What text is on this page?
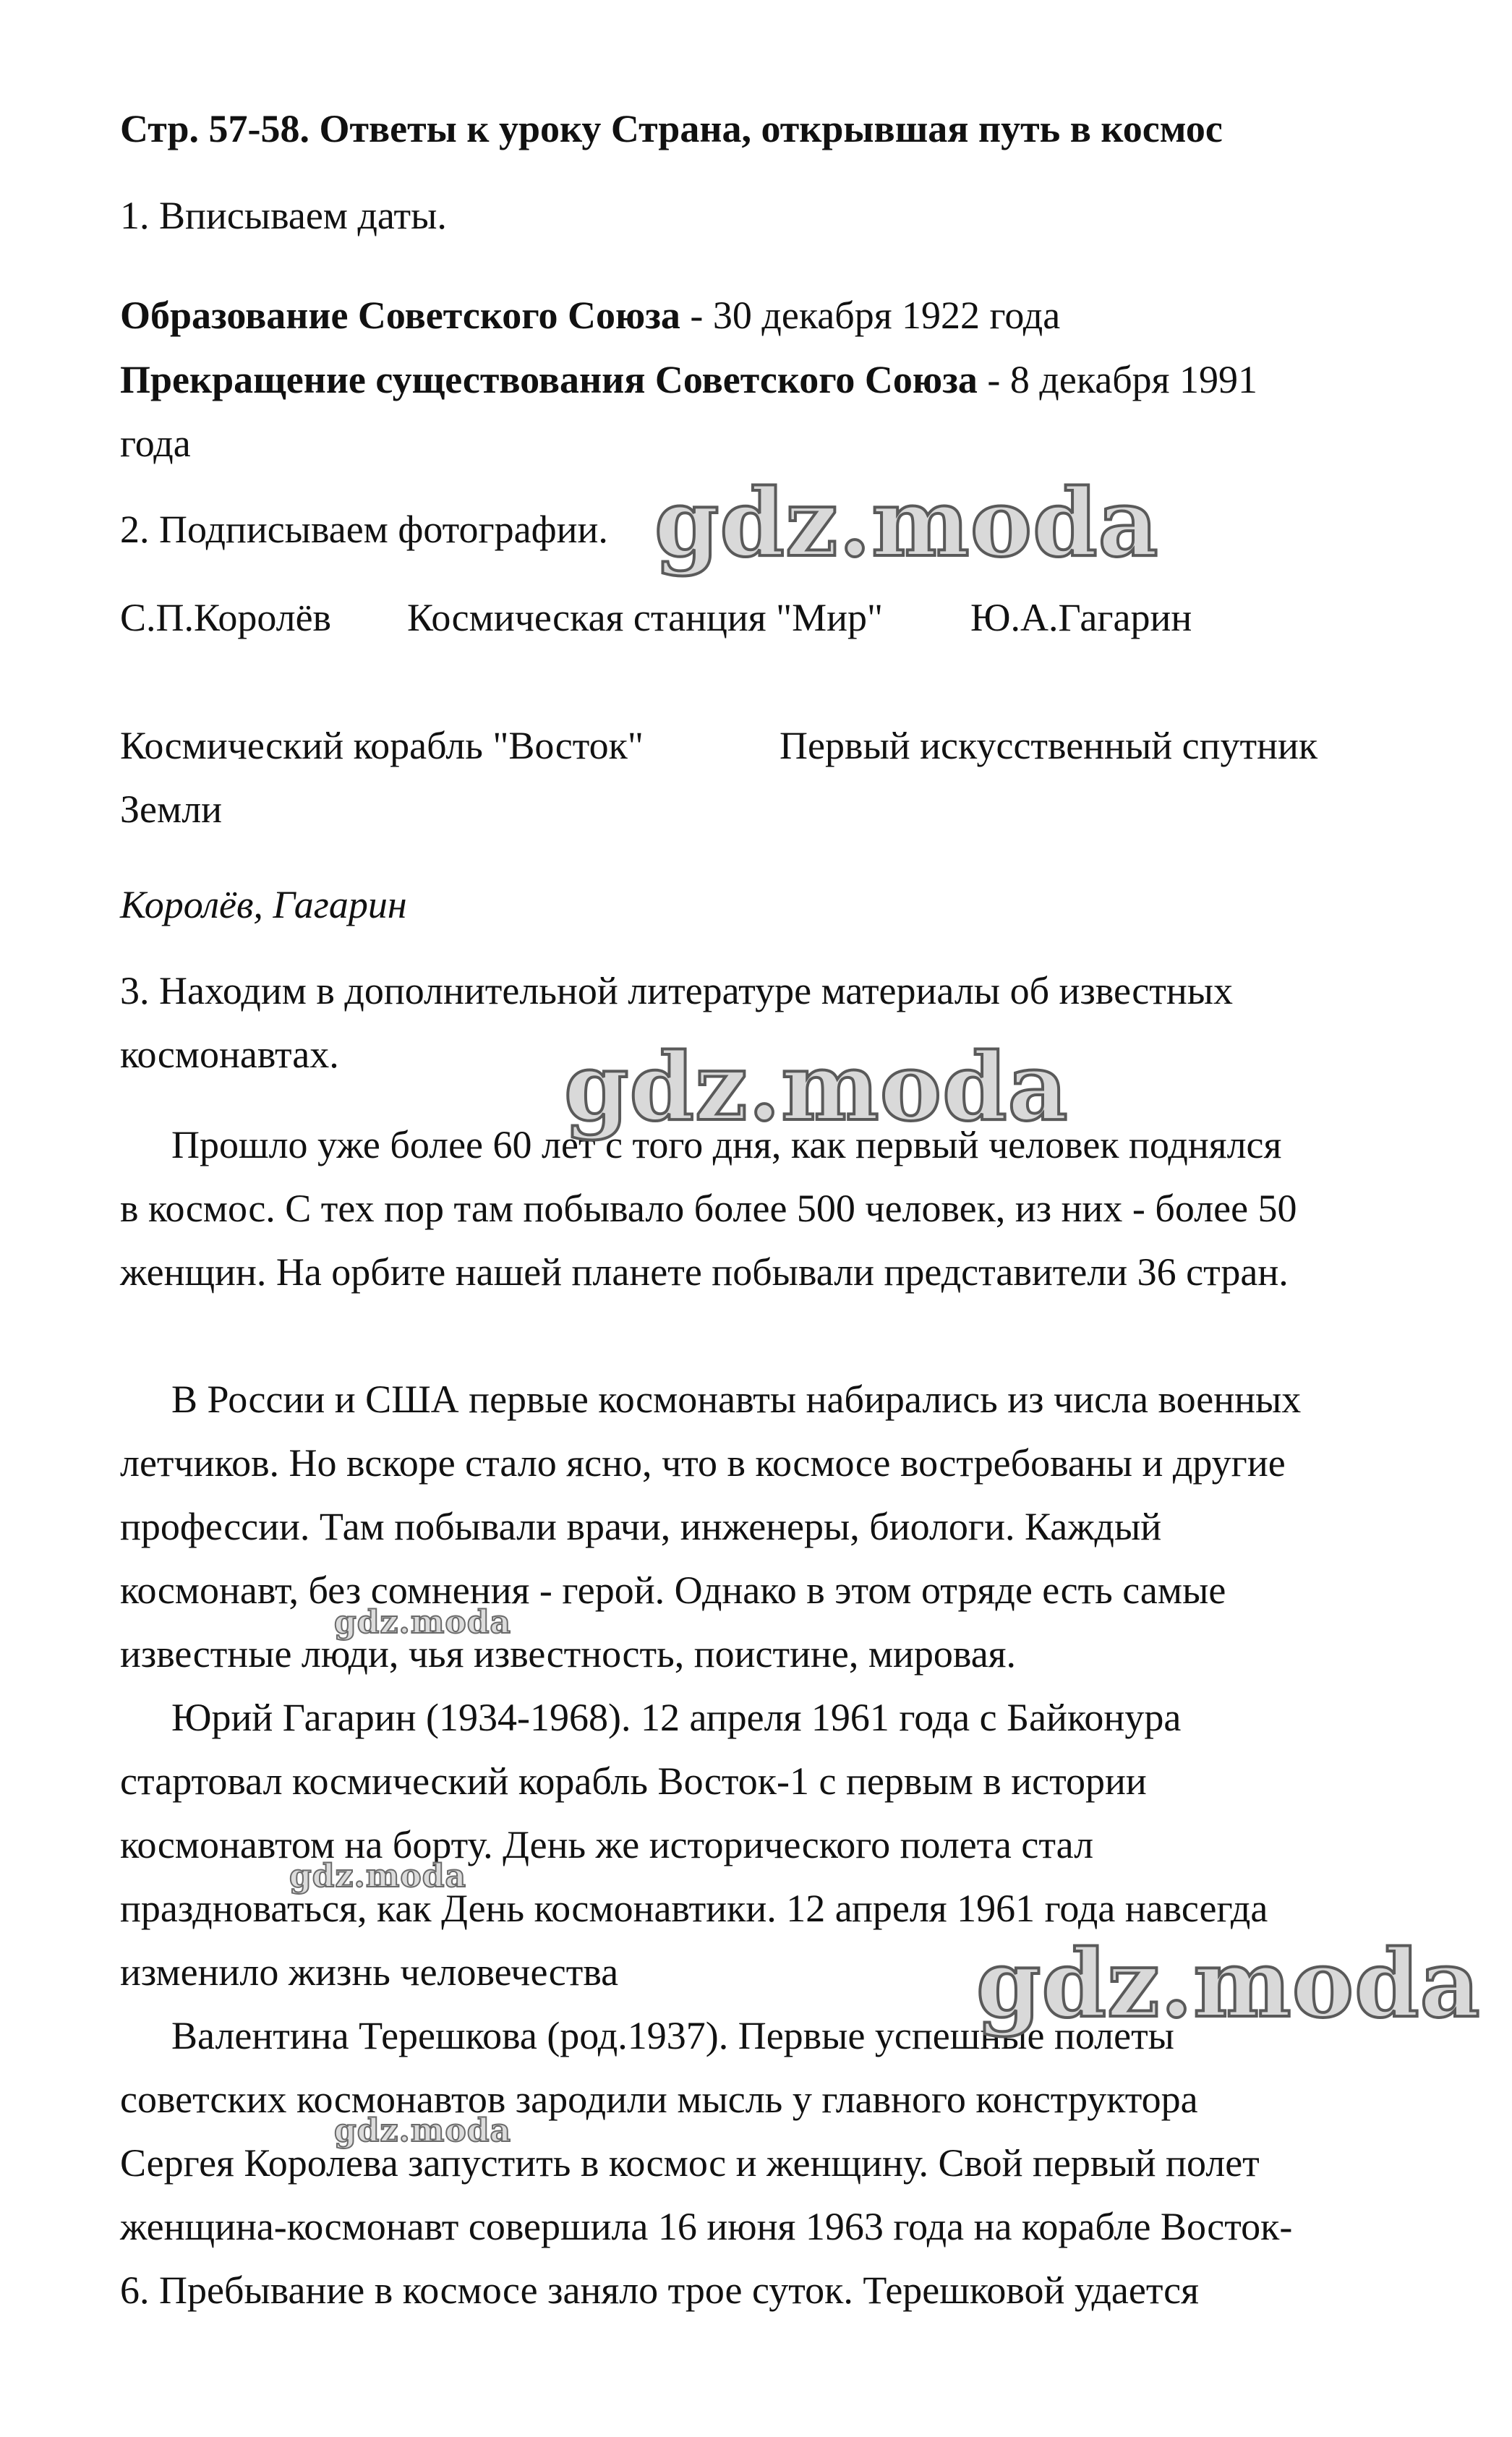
Стр. 57-58. Ответы к уроку Страна, открывшая путь в космос
1. Вписываем даты.
Образование Советского Союза - 30 декабря 1922 года
Прекращение существования Советского Союза - 8 декабря 1991
года
2. Подписываем фотографии.
С.П.Королёв Космическая станция "Мир" Ю.А.Гагарин
Космический корабль "Восток"	Первый искусственный спутник
Земли
Королёв, Гагарин
3. Находим в дополнительной литературе материалы об известных
космонавтах.
Прошло уже более 60 лет с того дня, как первый человек поднялся
в космос. С тех пор там побывало более 500 человек, из них - более 50
женщин. На орбите нашей планете побывали представители 36 стран.
В России и США первые космонавты набирались из числа военных
летчиков. Но вскоре стало ясно, что в космосе востребованы и другие
профессии. Там побывали врачи, инженеры, биологи. Каждый
космонавт, без сомнения - герой. Однако в этом отряде есть самые
известные люди, чья известность, поистине, мировая.
Юрий Гагарин (1934-1968). 12 апреля 1961 года с Байконура
стартовал космический корабль Восток-1 с первым в истории
космонавтом на борту. День же исторического полета стал
праздноваться, как День космонавтики. 12 апреля 1961 года навсегда
изменило жизнь человечества
Валентина Терешкова (род.1937). Первые успешные полеты
советских космонавтов зародили мысль у главного конструктора
Сергея Королева запустить в космос и женщину. Свой первый полет
женщина-космонавт совершила 16 июня 1963 года на корабле Восток-
6. Пребывание в космосе заняло трое суток. Терешковой удается
gdz.moda
gdz.moda
gdz.moda
gdz.moda
gdz.moda
gdz.moda
